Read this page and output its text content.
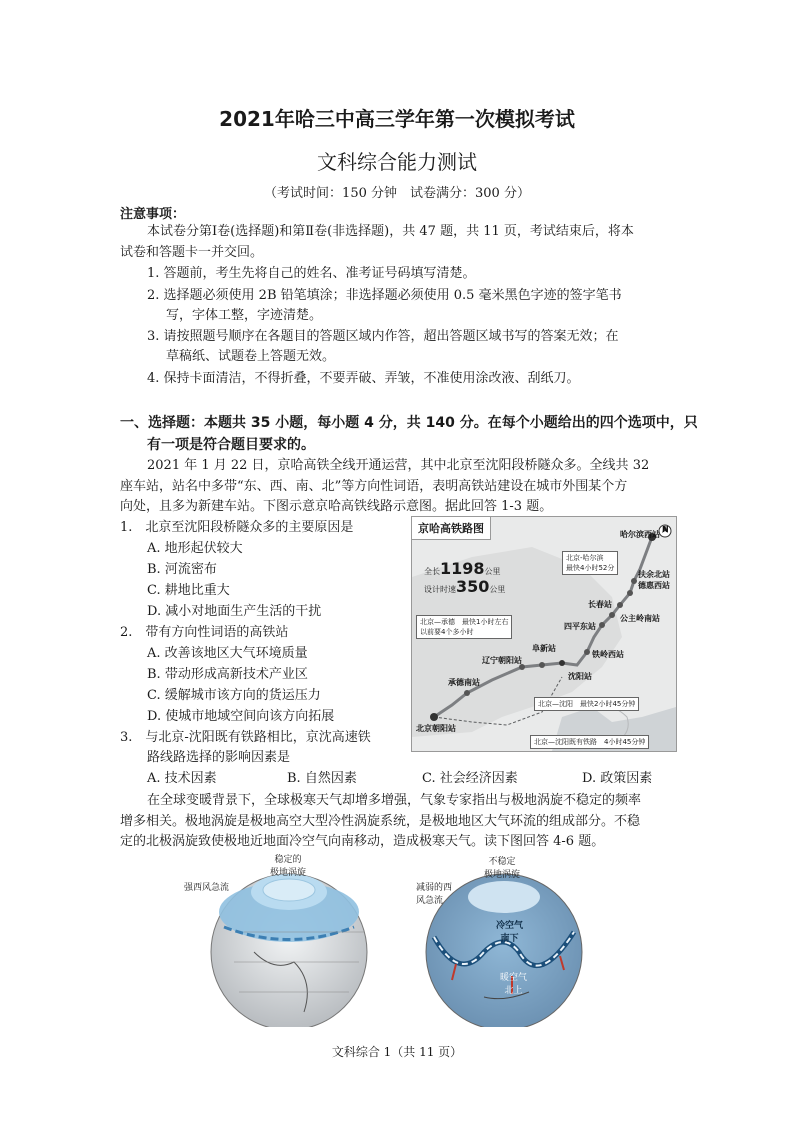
2021年哈三中高三学年第一次模拟考试
文科综合能力测试
（考试时间：150 分钟　试卷满分：300 分）
注意事项：
本试卷分第Ⅰ卷(选择题)和第Ⅱ卷(非选择题)，共 47 题，共 11 页，考试结束后，将本
试卷和答题卡一并交回。
1. 答题前，考生先将自己的姓名、准考证号码填写清楚。
2. 选择题必须使用 2B 铅笔填涂；非选择题必须使用 0.5 毫米黑色字迹的签字笔书
写，字体工整，字迹清楚。
3. 请按照题号顺序在各题目的答题区域内作答，超出答题区域书写的答案无效；在
草稿纸、试题卷上答题无效。
4. 保持卡面清洁，不得折叠，不要弄破、弄皱，不准使用涂改液、刮纸刀。
一、选择题：本题共 35 小题，每小题 4 分，共 140 分。在每个小题给出的四个选项中，只
有一项是符合题目要求的。
2021 年 1 月 22 日，京哈高铁全线开通运营，其中北京至沈阳段桥隧众多。全线共 32
座车站，站名中多带“东、西、南、北”等方向性词语，表明高铁站建设在城市外围某个方
向处，且多为新建车站。下图示意京哈高铁线路示意图。据此回答 1-3 题。
1.　北京至沈阳段桥隧众多的主要原因是
A. 地形起伏较大
B. 河流密布
C. 耕地比重大
D. 减小对地面生产生活的干扰
2.　带有方向性词语的高铁站
A. 改善该地区大气环境质量
B. 带动形成高新技术产业区
C. 缓解城市该方向的货运压力
D. 使城市地域空间向该方向拓展
3.　与北京-沈阳既有铁路相比，京沈高速铁
路线路选择的影响因素是
A. 技术因素	B. 自然因素	C. 社会经济因素	D. 政策因素
京哈高铁路图
全长1198公里
设计时速350公里
北京-哈尔滨
最快4小时52分
北京—承德　最快1小时左右
以前要4个多小时
北京—沈阳　最快2小时45分钟
北京—沈阳既有铁路　4小时45分钟
哈尔滨西站
扶余北站
德惠西站
长春站
公主岭南站
四平东站
铁岭西站
沈阳站
阜新站
辽宁朝阳站
承德南站
北京朝阳站
N
在全球变暖背景下，全球极寒天气却增多增强，气象专家指出与极地涡旋不稳定的频率
增多相关。极地涡旋是极地高空大型冷性涡旋系统，是极地地区大气环流的组成部分。不稳
定的北极涡旋致使极地近地面冷空气向南移动，造成极寒天气。读下图回答 4-6 题。
稳定的
极地涡旋
强西风急流
不稳定
极地涡旋
减弱的西
风急流
冷空气
南下
暖空气
北上
文科综合 1（共 11 页）
